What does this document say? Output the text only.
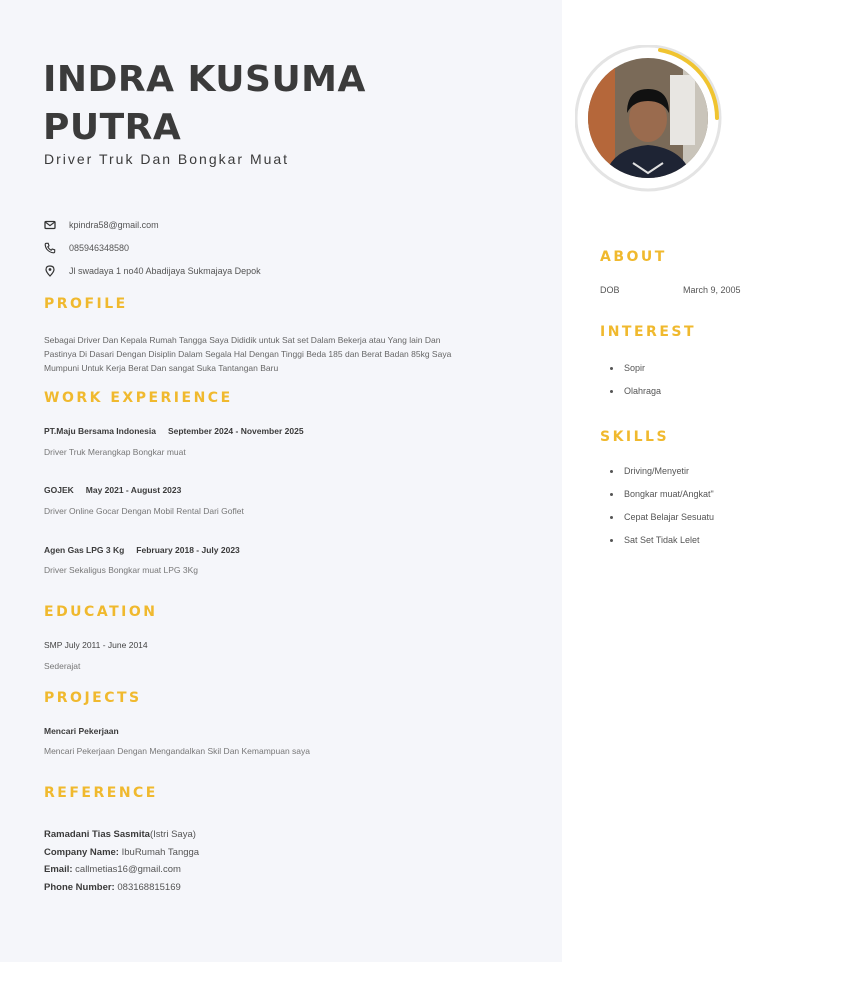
INDRA KUSUMA
PUTRA
Driver Truk Dan Bongkar Muat
kpindra58@gmail.com
085946348580
Jl swadaya 1 no40 Abadijaya Sukmajaya Depok
PROFILE
Sebagai Driver Dan Kepala Rumah Tangga Saya Dididik untuk Sat set Dalam Bekerja atau Yang lain Dan Pastinya Di Dasari Dengan Disiplin Dalam Segala Hal Dengan Tinggi Beda 185 dan Berat Badan 85kg Saya Mumpuni Untuk Kerja Berat Dan sangat Suka Tantangan Baru
WORK EXPERIENCE
PT.Maju Bersama Indonesia September 2024 - November 2025
Driver Truk Merangkap Bongkar muat
GOJEK May 2021 - August 2023
Driver Online Gocar Dengan Mobil Rental Dari Goflet
Agen Gas LPG 3 Kg February 2018 - July 2023
Driver Sekaligus Bongkar muat LPG 3Kg
EDUCATION
SMP July 2011 - June 2014
Sederajat
PROJECTS
Mencari Pekerjaan
Mencari Pekerjaan Dengan Mengandalkan Skil Dan Kemampuan saya
REFERENCE
Ramadani Tias Sasmita(Istri Saya)
Company Name: IbuRumah Tangga
Email: callmetias16@gmail.com
Phone Number: 083168815169
ABOUT
DOB	March 9, 2005
INTEREST
Sopir
Olahraga
SKILLS
Driving/Menyetir
Bongkar muat/Angkat"
Cepat Belajar Sesuatu
Sat Set Tidak Lelet
